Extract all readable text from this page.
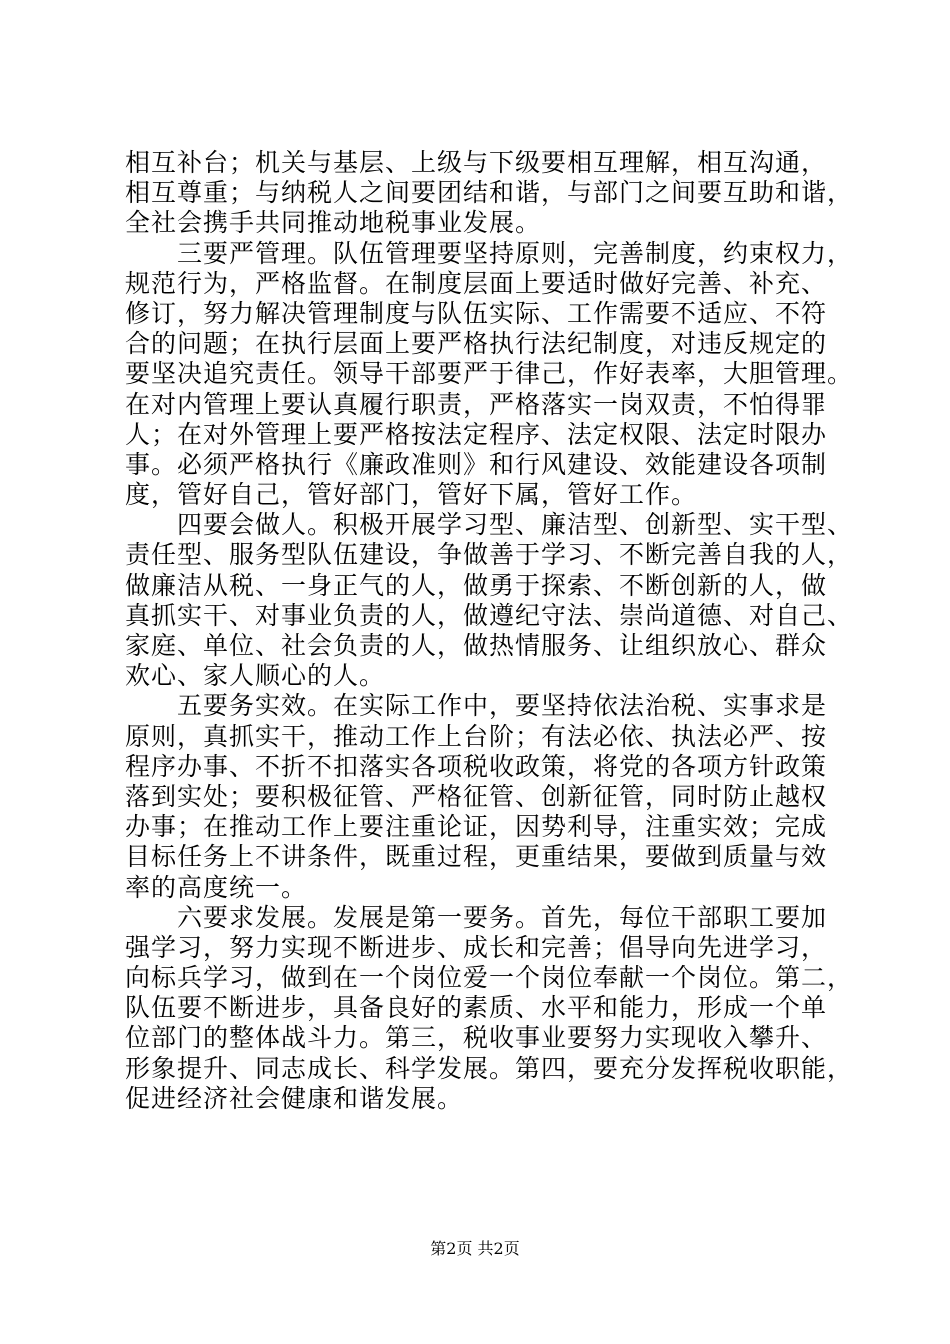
相互补台；机关与基层、上级与下级要相互理解，相互沟通，
相互尊重；与纳税人之间要团结和谐，与部门之间要互助和谐，
全社会携手共同推动地税事业发展。
　　三要严管理。队伍管理要坚持原则，完善制度，约束权力，
规范行为，严格监督。在制度层面上要适时做好完善、补充、
修订，努力解决管理制度与队伍实际、工作需要不适应、不符
合的问题；在执行层面上要严格执行法纪制度，对违反规定的
要坚决追究责任。领导干部要严于律己，作好表率，大胆管理。
在对内管理上要认真履行职责，严格落实一岗双责，不怕得罪
人；在对外管理上要严格按法定程序、法定权限、法定时限办
事。必须严格执行《廉政准则》和行风建设、效能建设各项制
度，管好自己，管好部门，管好下属，管好工作。
　　四要会做人。积极开展学习型、廉洁型、创新型、实干型、
责任型、服务型队伍建设，争做善于学习、不断完善自我的人，
做廉洁从税、一身正气的人，做勇于探索、不断创新的人，做
真抓实干、对事业负责的人，做遵纪守法、崇尚道德、对自己、
家庭、单位、社会负责的人，做热情服务、让组织放心、群众
欢心、家人顺心的人。
　　五要务实效。在实际工作中，要坚持依法治税、实事求是
原则，真抓实干，推动工作上台阶；有法必依、执法必严、按
程序办事、不折不扣落实各项税收政策，将党的各项方针政策
落到实处；要积极征管、严格征管、创新征管，同时防止越权
办事；在推动工作上要注重论证，因势利导，注重实效；完成
目标任务上不讲条件，既重过程，更重结果，要做到质量与效
率的高度统一。
　　六要求发展。发展是第一要务。首先，每位干部职工要加
强学习，努力实现不断进步、成长和完善；倡导向先进学习，
向标兵学习，做到在一个岗位爱一个岗位奉献一个岗位。第二，
队伍要不断进步，具备良好的素质、水平和能力，形成一个单
位部门的整体战斗力。第三，税收事业要努力实现收入攀升、
形象提升、同志成长、科学发展。第四，要充分发挥税收职能，
促进经济社会健康和谐发展。
第2页 共2页
